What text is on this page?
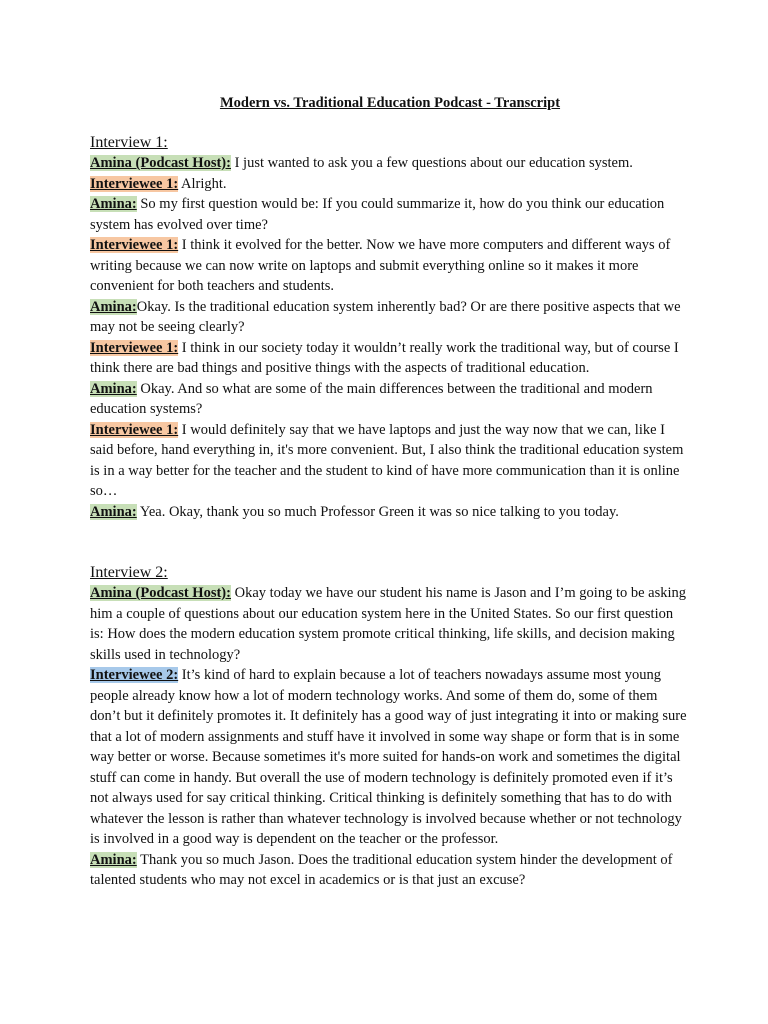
Modern vs. Traditional Education Podcast - Transcript
Interview 1:

Amina (Podcast Host): I just wanted to ask you a few questions about our education system.

Interviewee 1: Alright.

Amina: So my first question would be: If you could summarize it, how do you think our education system has evolved over time?

Interviewee 1: I think it evolved for the better. Now we have more computers and different ways of writing because we can now write on laptops and submit everything online so it makes it more convenient for both teachers and students.

Amina:Okay. Is the traditional education system inherently bad? Or are there positive aspects that we may not be seeing clearly?

Interviewee 1: I think in our society today it wouldn’t really work the traditional way, but of course I think there are bad things and positive things with the aspects of traditional education.

Amina: Okay. And so what are some of the main differences between the traditional and modern education systems?

Interviewee 1: I would definitely say that we have laptops and just the way now that we can, like I said before, hand everything in, it's more convenient. But, I also think the traditional education system is in a way better for the teacher and the student to kind of have more communication than it is online so…

Amina: Yea. Okay, thank you so much Professor Green it was so nice talking to you today.

Interview 2:

Amina (Podcast Host): Okay today we have our student his name is Jason and I’m going to be asking him a couple of questions about our education system here in the United States. So our first question is: How does the modern education system promote critical thinking, life skills, and decision making skills used in technology?

Interviewee 2: It’s kind of hard to explain because a lot of teachers nowadays assume most young people already know how a lot of modern technology works. And some of them do, some of them don’t but it definitely promotes it. It definitely has a good way of just integrating it into or making sure that a lot of modern assignments and stuff have it involved in some way shape or form that is in some way better or worse. Because sometimes it's more suited for hands-on work and sometimes the digital stuff can come in handy. But overall the use of modern technology is definitely promoted even if it’s not always used for say critical thinking. Critical thinking is definitely something that has to do with whatever the lesson is rather than whatever technology is involved because whether or not technology is involved in a good way is dependent on the teacher or the professor.

Amina: Thank you so much Jason. Does the traditional education system hinder the development of talented students who may not excel in academics or is that just an excuse?
